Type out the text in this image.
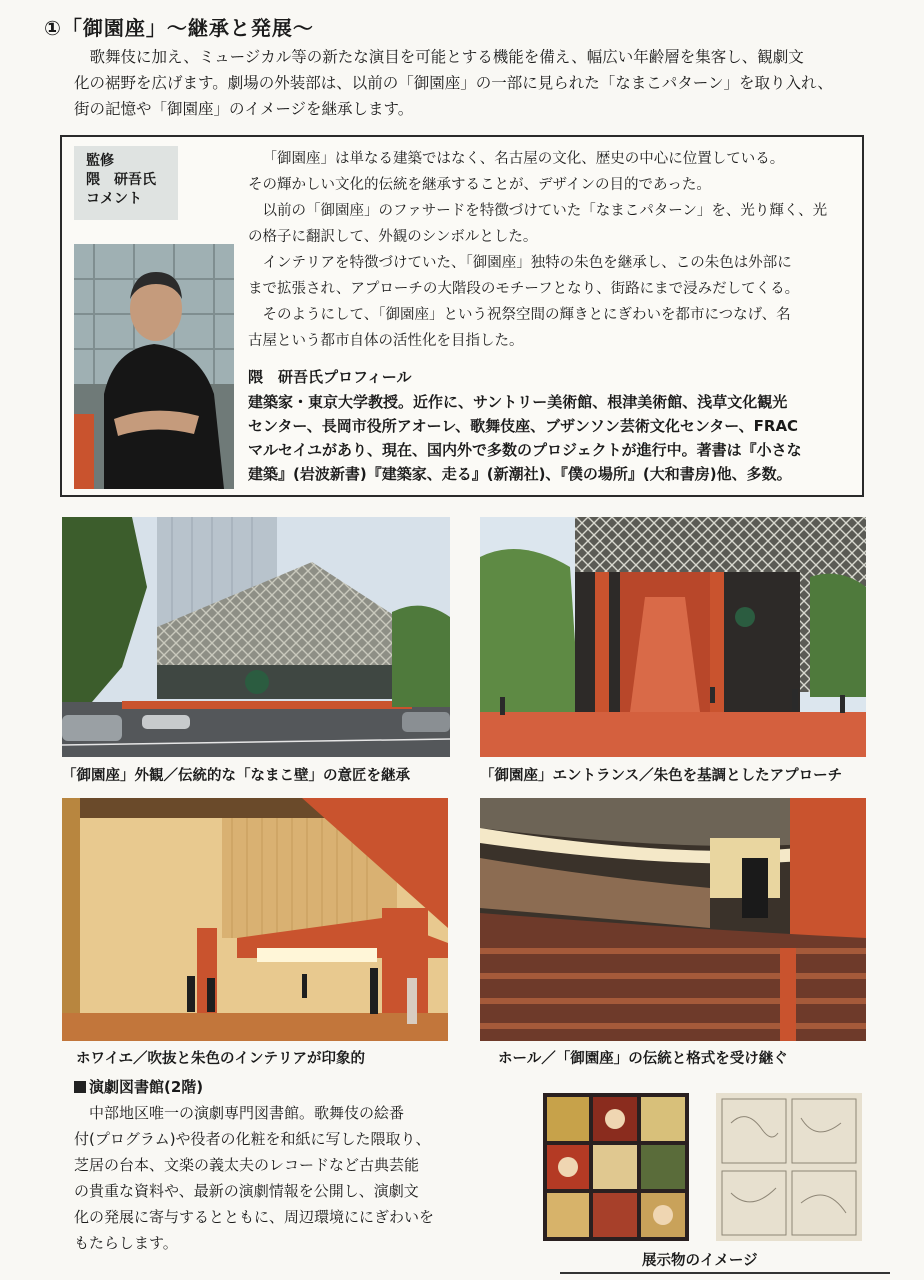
①「御園座」～継承と発展～

歌舞伎に加え、ミュージカル等の新たな演目を可能とする機能を備え、幅広い年齢層を集客し、観劇文

化の裾野を広げます。劇場の外装部は、以前の「御園座」の一部に見られた「なまこパターン」を取り入れ、

街の記憶や「御園座」のイメージを継承します。

監修
隈　研吾氏
コメント

「御園座」は単なる建築ではなく、名古屋の文化、歴史の中心に位置している。

その輝かしい文化的伝統を継承することが、デザインの目的であった。

以前の「御園座」のファサードを特徴づけていた「なまこパターン」を、光り輝く、光

の格子に翻訳して、外観のシンボルとした。

インテリアを特徴づけていた、「御園座」独特の朱色を継承し、この朱色は外部に

まで拡張され、アプローチの大階段のモチーフとなり、街路にまで浸みだしてくる。

そのようにして、「御園座」という祝祭空間の輝きとにぎわいを都市につなげ、名

古屋という都市自体の活性化を目指した。

隈　研吾氏プロフィール
建築家・東京大学教授。近作に、サントリー美術館、根津美術館、浅草文化観光
センター、長岡市役所アオーレ、歌舞伎座、ブザンソン芸術文化センター、FRAC
マルセイユがあり、現在、国内外で多数のプロジェクトが進行中。著書は『小さな
建築』(岩波新書)『建築家、走る』(新潮社)、『僕の場所』(大和書房)他、多数。
「御園座」外観／伝統的な「なまこ壁」の意匠を継承	「御園座」エントランス／朱色を基調としたアプローチ
ホワイエ／吹抜と朱色のインテリアが印象的	ホール／「御園座」の伝統と格式を受け継ぐ
演劇図書館(2階)
中部地区唯一の演劇専門図書館。歌舞伎の絵番
付(プログラム)や役者の化粧を和紙に写した隈取り、
芝居の台本、文楽の義太夫のレコードなど古典芸能
の貴重な資料や、最新の演劇情報を公開し、演劇文
化の発展に寄与するとともに、周辺環境ににぎわいを
もたらします。
展示物のイメージ
